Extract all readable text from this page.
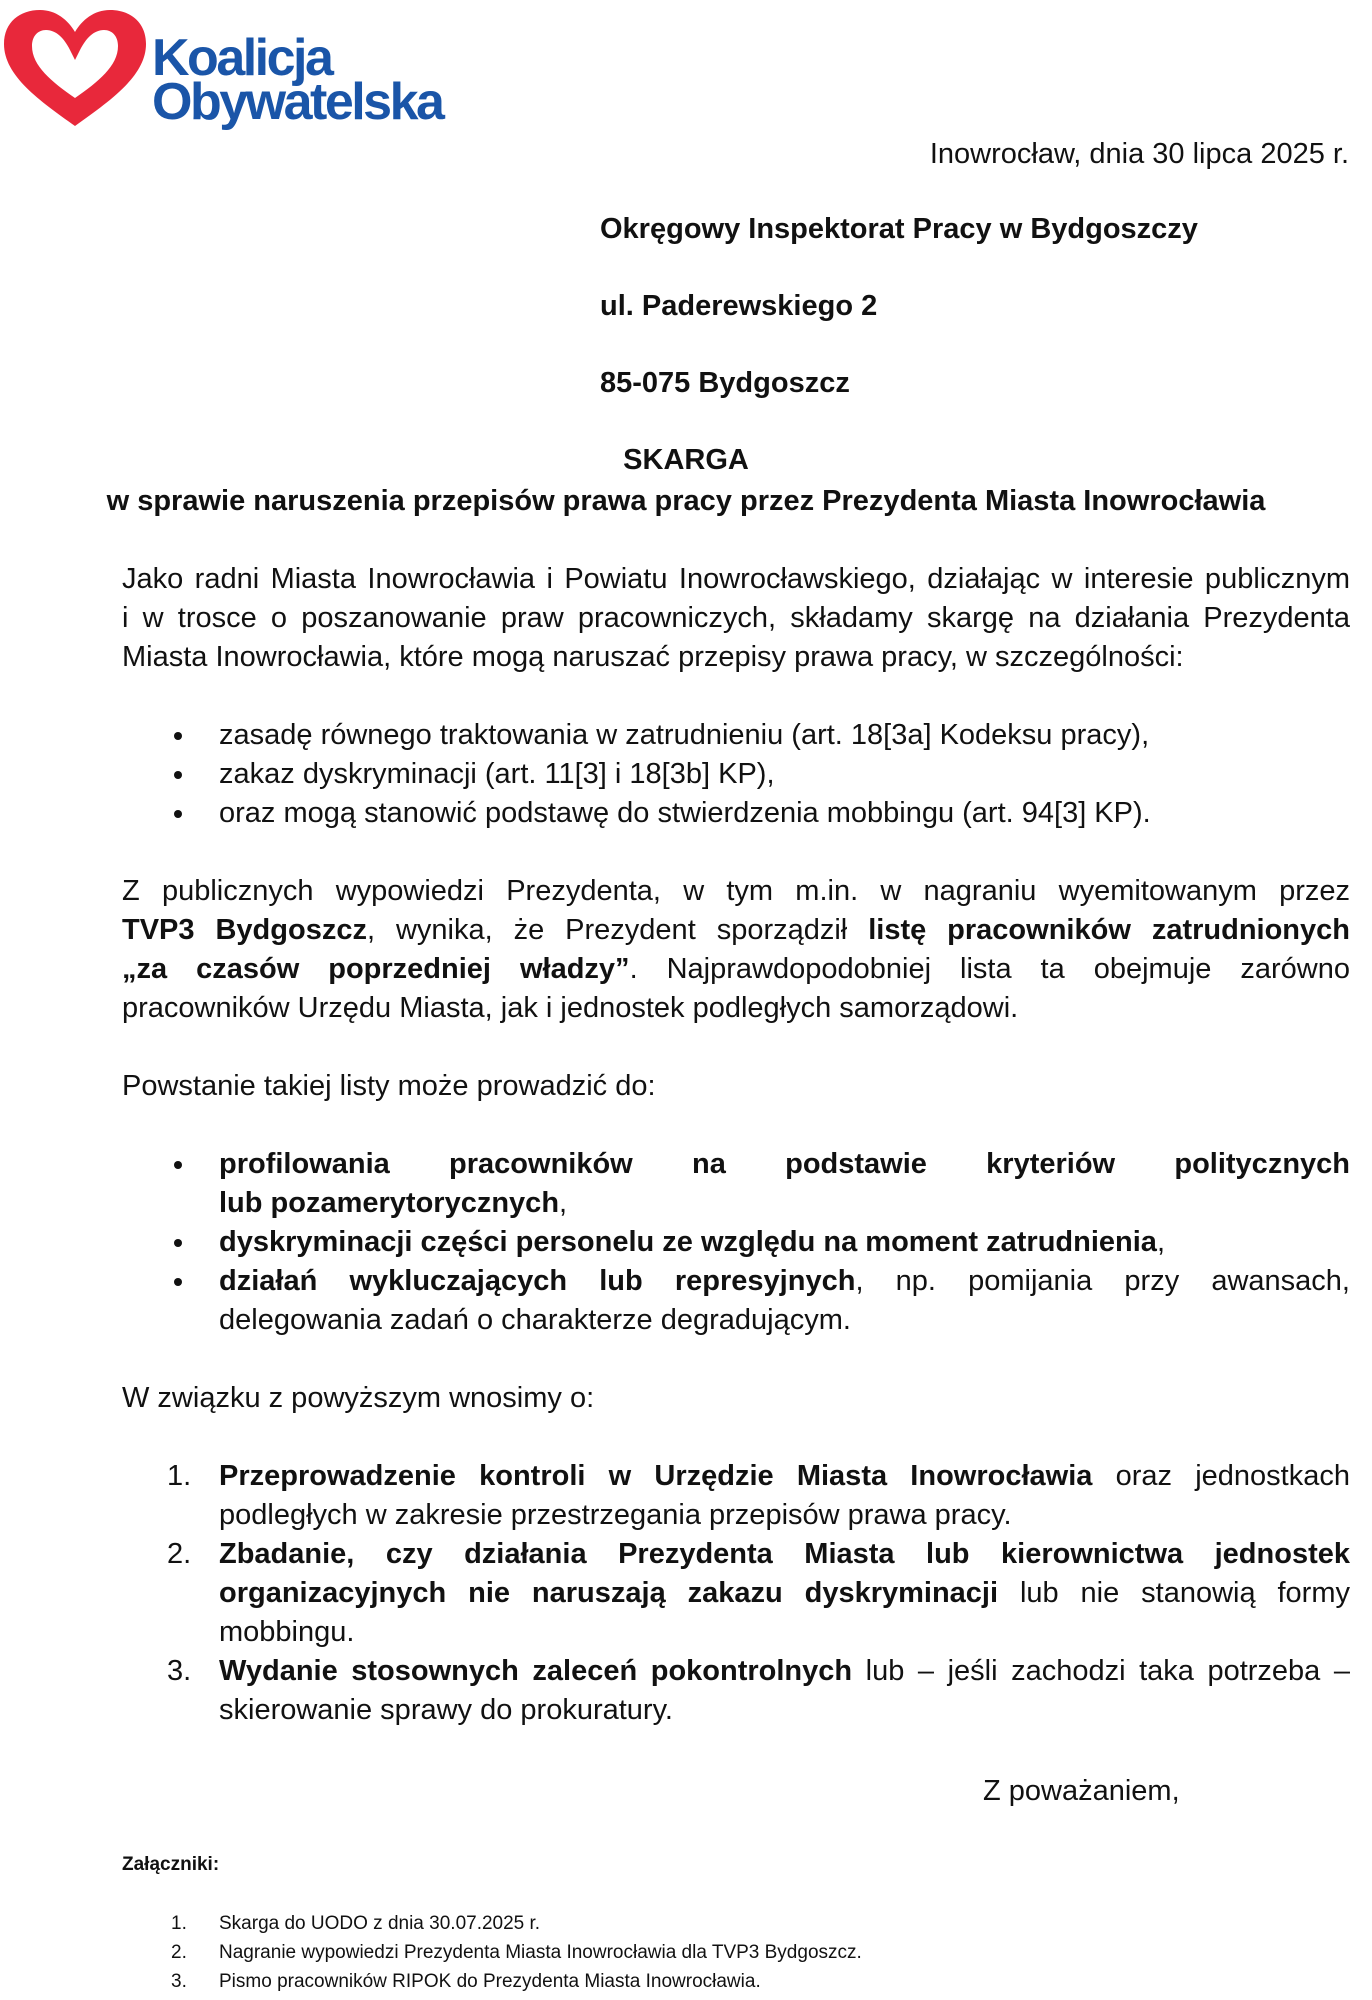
Koalicja
Obywatelska
Inowrocław, dnia 30 lipca 2025 r.
Okręgowy Inspektorat Pracy w Bydgoszczy
ul. Paderewskiego 2
85-075 Bydgoszcz
SKARGA
w sprawie naruszenia przepisów prawa pracy przez Prezydenta Miasta Inowrocławia
Jako radni Miasta Inowrocławia i Powiatu Inowrocławskiego, działając w interesie publicznym
i w trosce o poszanowanie praw pracowniczych, składamy skargę na działania Prezydenta
Miasta Inowrocławia, które mogą naruszać przepisy prawa pracy, w szczególności:
zasadę równego traktowania w zatrudnieniu (art. 18[3a] Kodeksu pracy),
zakaz dyskryminacji (art. 11[3] i 18[3b] KP),
oraz mogą stanowić podstawę do stwierdzenia mobbingu (art. 94[3] KP).
Z publicznych wypowiedzi Prezydenta, w tym m.in. w nagraniu wyemitowanym przez
TVP3 Bydgoszcz, wynika, że Prezydent sporządził listę pracowników zatrudnionych
„za czasów poprzedniej władzy”. Najprawdopodobniej lista ta obejmuje zarówno
pracowników Urzędu Miasta, jak i jednostek podległych samorządowi.
Powstanie takiej listy może prowadzić do:
profilowania pracowników na podstawie kryteriów politycznych
lub pozamerytorycznych,
dyskryminacji części personelu ze względu na moment zatrudnienia,
działań wykluczających lub represyjnych, np. pomijania przy awansach,
delegowania zadań o charakterze degradującym.
W związku z powyższym wnosimy o:
1. Przeprowadzenie kontroli w Urzędzie Miasta Inowrocławia oraz jednostkach
podległych w zakresie przestrzegania przepisów prawa pracy.
2. Zbadanie, czy działania Prezydenta Miasta lub kierownictwa jednostek
organizacyjnych nie naruszają zakazu dyskryminacji lub nie stanowią formy
mobbingu.
3. Wydanie stosownych zaleceń pokontrolnych lub – jeśli zachodzi taka potrzeba –
skierowanie sprawy do prokuratury.
Z poważaniem,
Załączniki:
1.	Skarga do UODO z dnia 30.07.2025 r.
2.	Nagranie wypowiedzi Prezydenta Miasta Inowrocławia dla TVP3 Bydgoszcz.
3.	Pismo pracowników RIPOK do Prezydenta Miasta Inowrocławia.
